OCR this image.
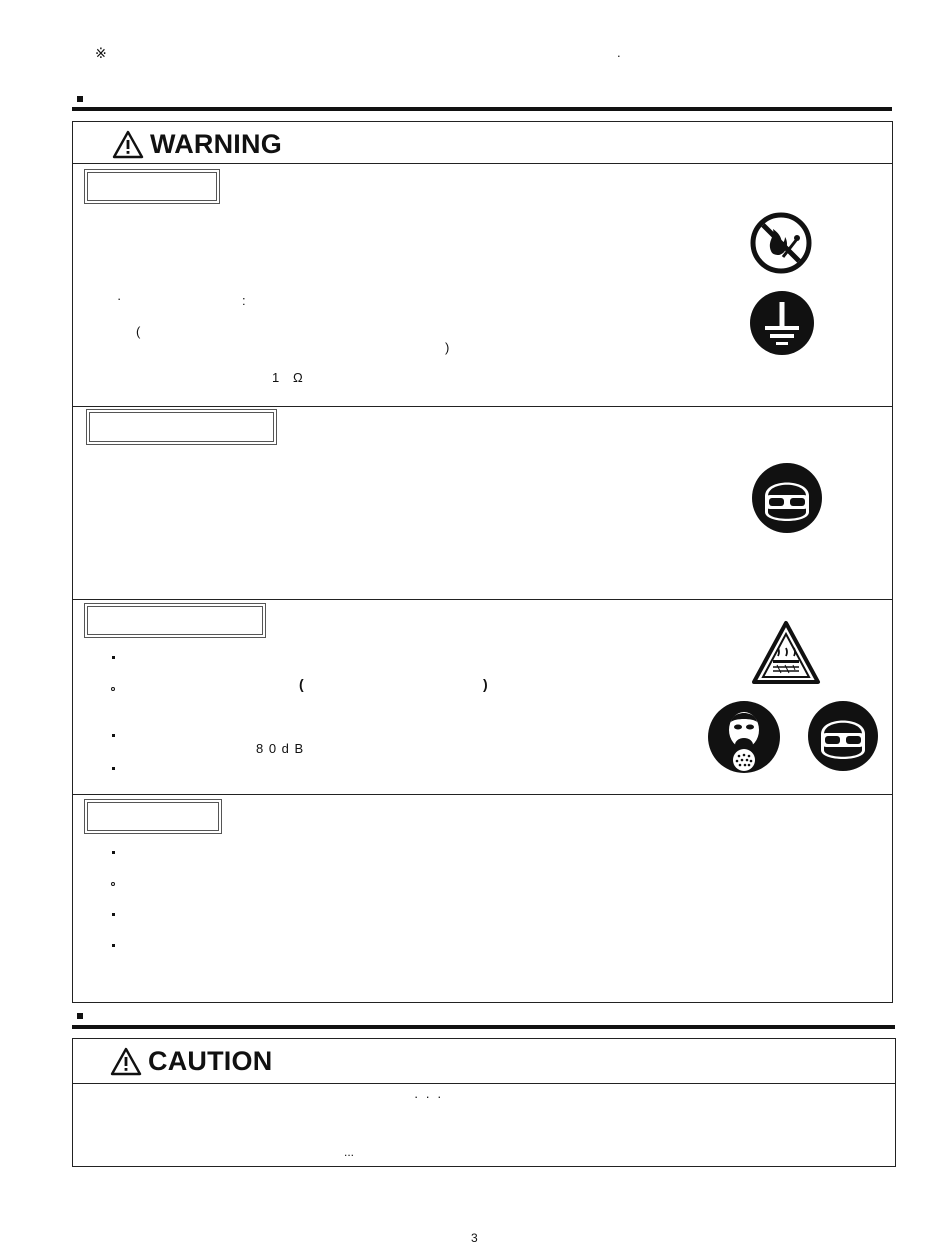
※	.
WARNING
·	:
(
)
1 Ω
(	)
8 0 d B
CAUTION
·  ·  ·
...
3
